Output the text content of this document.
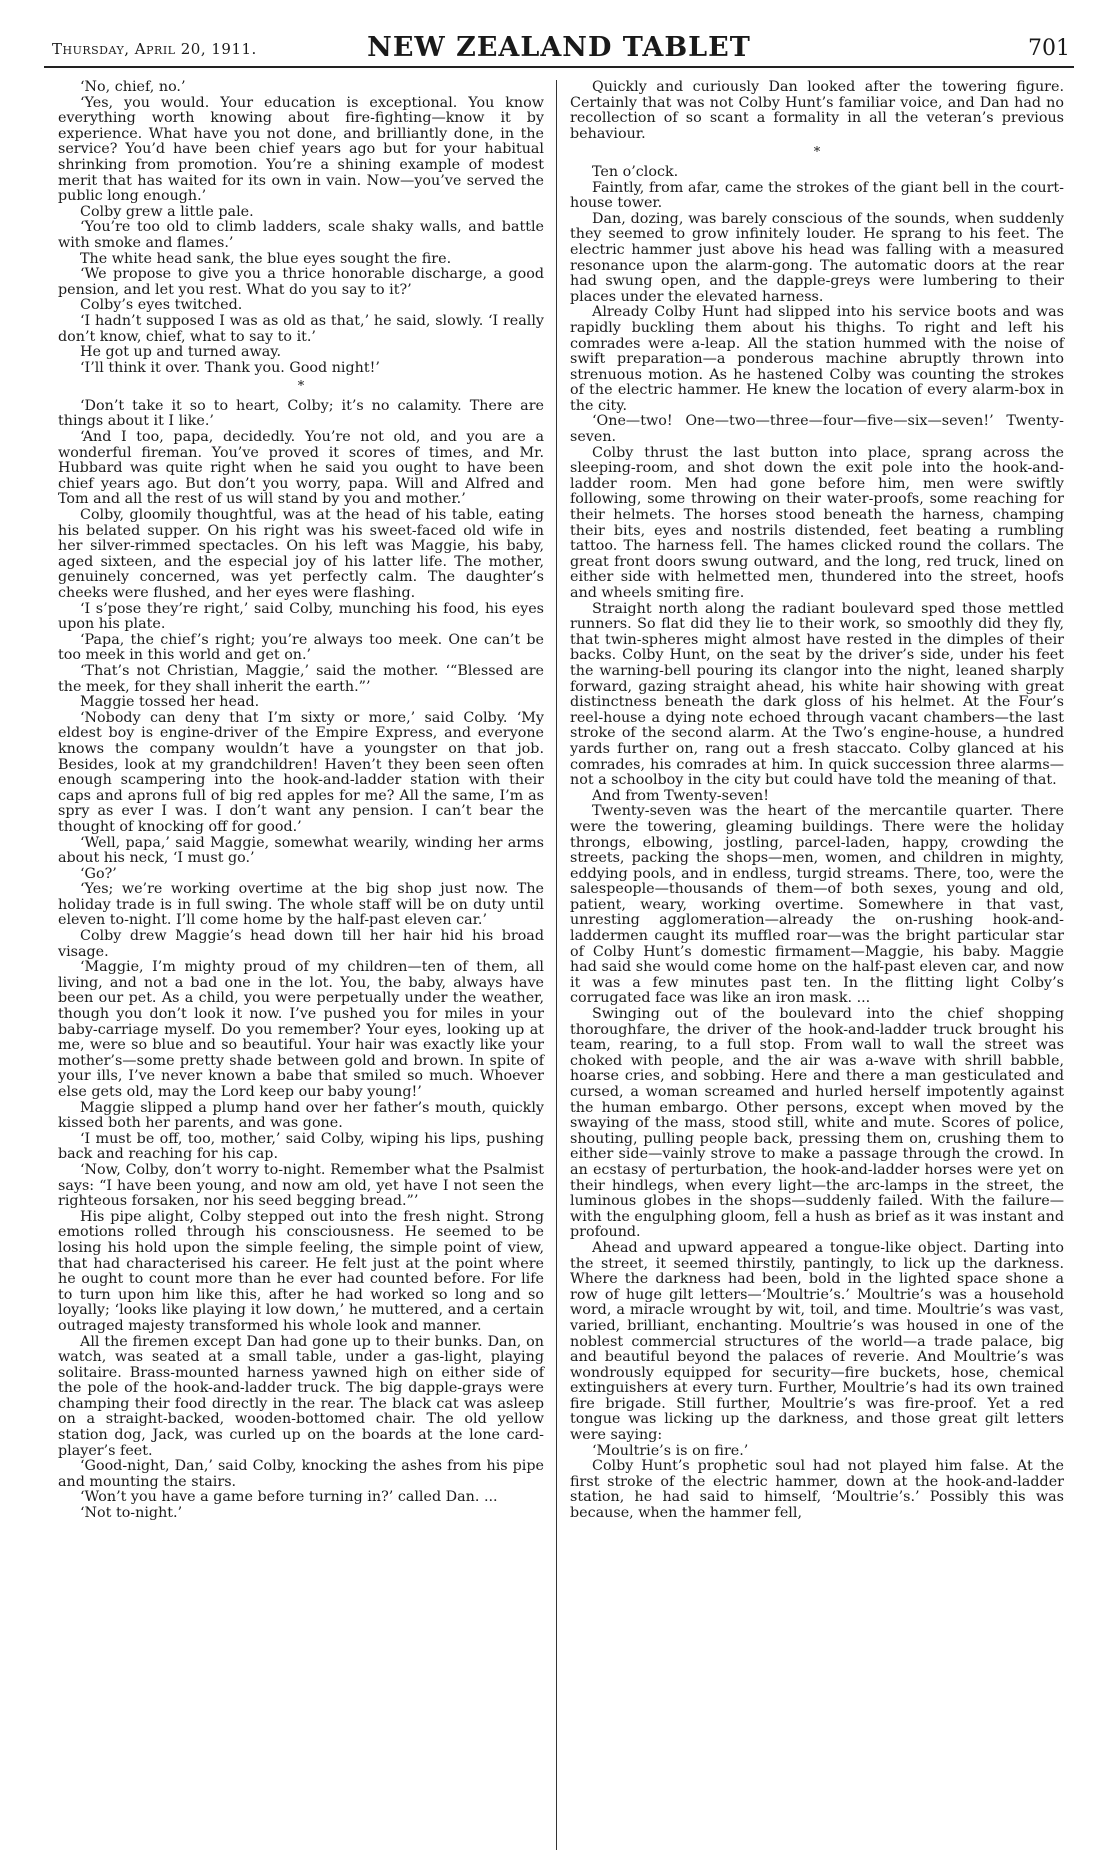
Thursday, April 20, 1911.	NEW ZEALAND TABLET	701

‘No, chief, no.’

‘Yes, you would. Your education is exceptional. You know everything worth knowing about fire-fighting—know it by experience. What have you not done, and brilliantly done, in the service? You’d have been chief years ago but for your habitual shrinking from promotion. You’re a shining example of modest merit that has waited for its own in vain. Now—you’ve served the public long enough.’

Colby grew a little pale.

‘You’re too old to climb ladders, scale shaky walls, and battle with smoke and flames.’

The white head sank, the blue eyes sought the fire.

‘We propose to give you a thrice honorable discharge, a good pension, and let you rest. What do you say to it?’

Colby’s eyes twitched.

‘I hadn’t supposed I was as old as that,’ he said, slowly. ‘I really don’t know, chief, what to say to it.’

He got up and turned away.

‘I’ll think it over. Thank you. Good night!’

*

‘Don’t take it so to heart, Colby; it’s no calamity. There are things about it I like.’

‘And I too, papa, decidedly. You’re not old, and you are a wonderful fireman. You’ve proved it scores of times, and Mr. Hubbard was quite right when he said you ought to have been chief years ago. But don’t you worry, papa. Will and Alfred and Tom and all the rest of us will stand by you and mother.’

Colby, gloomily thoughtful, was at the head of his table, eating his belated supper. On his right was his sweet-faced old wife in her silver-rimmed spectacles. On his left was Maggie, his baby, aged sixteen, and the especial joy of his latter life. The mother, genuinely concerned, was yet perfectly calm. The daughter’s cheeks were flushed, and her eyes were flashing.

‘I s’pose they’re right,’ said Colby, munching his food, his eyes upon his plate.

‘Papa, the chief’s right; you’re always too meek. One can’t be too meek in this world and get on.’

‘That’s not Christian, Maggie,’ said the mother. ‘“Blessed are the meek, for they shall inherit the earth.”’

Maggie tossed her head.

‘Nobody can deny that I’m sixty or more,’ said Colby. ‘My eldest boy is engine-driver of the Empire Express, and everyone knows the company wouldn’t have a youngster on that job. Besides, look at my grandchildren! Haven’t they been seen often enough scampering into the hook-and-ladder station with their caps and aprons full of big red apples for me? All the same, I’m as spry as ever I was. I don’t want any pension. I can’t bear the thought of knocking off for good.’

‘Well, papa,’ said Maggie, somewhat wearily, winding her arms about his neck, ‘I must go.’

‘Go?’

‘Yes; we’re working overtime at the big shop just now. The holiday trade is in full swing. The whole staff will be on duty until eleven to-night. I’ll come home by the half-past eleven car.’

Colby drew Maggie’s head down till her hair hid his broad visage.

‘Maggie, I’m mighty proud of my children—ten of them, all living, and not a bad one in the lot. You, the baby, always have been our pet. As a child, you were perpetually under the weather, though you don’t look it now. I’ve pushed you for miles in your baby-carriage myself. Do you remember? Your eyes, looking up at me, were so blue and so beautiful. Your hair was exactly like your mother’s—some pretty shade between gold and brown. In spite of your ills, I’ve never known a babe that smiled so much. Whoever else gets old, may the Lord keep our baby young!’

Maggie slipped a plump hand over her father’s mouth, quickly kissed both her parents, and was gone.

‘I must be off, too, mother,’ said Colby, wiping his lips, pushing back and reaching for his cap.

‘Now, Colby, don’t worry to-night. Remember what the Psalmist says: “I have been young, and now am old, yet have I not seen the righteous forsaken, nor his seed begging bread.”’

His pipe alight, Colby stepped out into the fresh night. Strong emotions rolled through his consciousness. He seemed to be losing his hold upon the simple feeling, the simple point of view, that had characterised his career. He felt just at the point where he ought to count more than he ever had counted before. For life to turn upon him like this, after he had worked so long and so loyally; ‘looks like playing it low down,’ he muttered, and a certain outraged majesty transformed his whole look and manner.

All the firemen except Dan had gone up to their bunks. Dan, on watch, was seated at a small table, under a gas-light, playing solitaire. Brass-mounted harness yawned high on either side of the pole of the hook-and-ladder truck. The big dapple-grays were champing their food directly in the rear. The black cat was asleep on a straight-backed, wooden-bottomed chair. The old yellow station dog, Jack, was curled up on the boards at the lone card-player’s feet.

‘Good-night, Dan,’ said Colby, knocking the ashes from his pipe and mounting the stairs.

‘Won’t you have a game before turning in?’ called Dan. ...

‘Not to-night.’

Quickly and curiously Dan looked after the towering figure. Certainly that was not Colby Hunt’s familiar voice, and Dan had no recollection of so scant a formality in all the veteran’s previous behaviour.

*

Ten o’clock.

Faintly, from afar, came the strokes of the giant bell in the court-house tower.

Dan, dozing, was barely conscious of the sounds, when suddenly they seemed to grow infinitely louder. He sprang to his feet. The electric hammer just above his head was falling with a measured resonance upon the alarm-gong. The automatic doors at the rear had swung open, and the dapple-greys were lumbering to their places under the elevated harness.

Already Colby Hunt had slipped into his service boots and was rapidly buckling them about his thighs. To right and left his comrades were a-leap. All the station hummed with the noise of swift preparation—a ponderous machine abruptly thrown into strenuous motion. As he hastened Colby was counting the strokes of the electric hammer. He knew the location of every alarm-box in the city.

‘One—two! One—two—three—four—five—six—seven!’ Twenty-seven.

Colby thrust the last button into place, sprang across the sleeping-room, and shot down the exit pole into the hook-and-ladder room. Men had gone before him, men were swiftly following, some throwing on their water-proofs, some reaching for their helmets. The horses stood beneath the harness, champing their bits, eyes and nostrils distended, feet beating a rumbling tattoo. The harness fell. The hames clicked round the collars. The great front doors swung outward, and the long, red truck, lined on either side with helmetted men, thundered into the street, hoofs and wheels smiting fire.

Straight north along the radiant boulevard sped those mettled runners. So flat did they lie to their work, so smoothly did they fly, that twin-spheres might almost have rested in the dimples of their backs. Colby Hunt, on the seat by the driver’s side, under his feet the warning-bell pouring its clangor into the night, leaned sharply forward, gazing straight ahead, his white hair showing with great distinctness beneath the dark gloss of his helmet. At the Four’s reel-house a dying note echoed through vacant chambers—the last stroke of the second alarm. At the Two’s engine-house, a hundred yards further on, rang out a fresh staccato. Colby glanced at his comrades, his comrades at him. In quick succession three alarms—not a schoolboy in the city but could have told the meaning of that.

And from Twenty-seven!

Twenty-seven was the heart of the mercantile quarter. There were the towering, gleaming buildings. There were the holiday throngs, elbowing, jostling, parcel-laden, happy, crowding the streets, packing the shops—men, women, and children in mighty, eddying pools, and in endless, turgid streams. There, too, were the salespeople—thousands of them—of both sexes, young and old, patient, weary, working overtime. Somewhere in that vast, unresting agglomeration—already the on-rushing hook-and-laddermen caught its muffled roar—was the bright particular star of Colby Hunt’s domestic firmament—Maggie, his baby. Maggie had said she would come home on the half-past eleven car, and now it was a few minutes past ten. In the flitting light Colby’s corrugated face was like an iron mask. ...

Swinging out of the boulevard into the chief shopping thoroughfare, the driver of the hook-and-ladder truck brought his team, rearing, to a full stop. From wall to wall the street was choked with people, and the air was a-wave with shrill babble, hoarse cries, and sobbing. Here and there a man gesticulated and cursed, a woman screamed and hurled herself impotently against the human embargo. Other persons, except when moved by the swaying of the mass, stood still, white and mute. Scores of police, shouting, pulling people back, pressing them on, crushing them to either side—vainly strove to make a passage through the crowd. In an ecstasy of perturbation, the hook-and-ladder horses were yet on their hindlegs, when every light—the arc-lamps in the street, the luminous globes in the shops—suddenly failed. With the failure—with the engulphing gloom, fell a hush as brief as it was instant and profound.

Ahead and upward appeared a tongue-like object. Darting into the street, it seemed thirstily, pantingly, to lick up the darkness. Where the darkness had been, bold in the lighted space shone a row of huge gilt letters—‘Moultrie’s.’ Moultrie’s was a household word, a miracle wrought by wit, toil, and time. Moultrie’s was vast, varied, brilliant, enchanting. Moultrie’s was housed in one of the noblest commercial structures of the world—a trade palace, big and beautiful beyond the palaces of reverie. And Moultrie’s was wondrously equipped for security—fire buckets, hose, chemical extinguishers at every turn. Further, Moultrie’s had its own trained fire brigade. Still further, Moultrie’s was fire-proof. Yet a red tongue was licking up the darkness, and those great gilt letters were saying:

‘Moultrie’s is on fire.’

Colby Hunt’s prophetic soul had not played him false. At the first stroke of the electric hammer, down at the hook-and-ladder station, he had said to himself, ‘Moultrie’s.’ Possibly this was because, when the hammer fell,
